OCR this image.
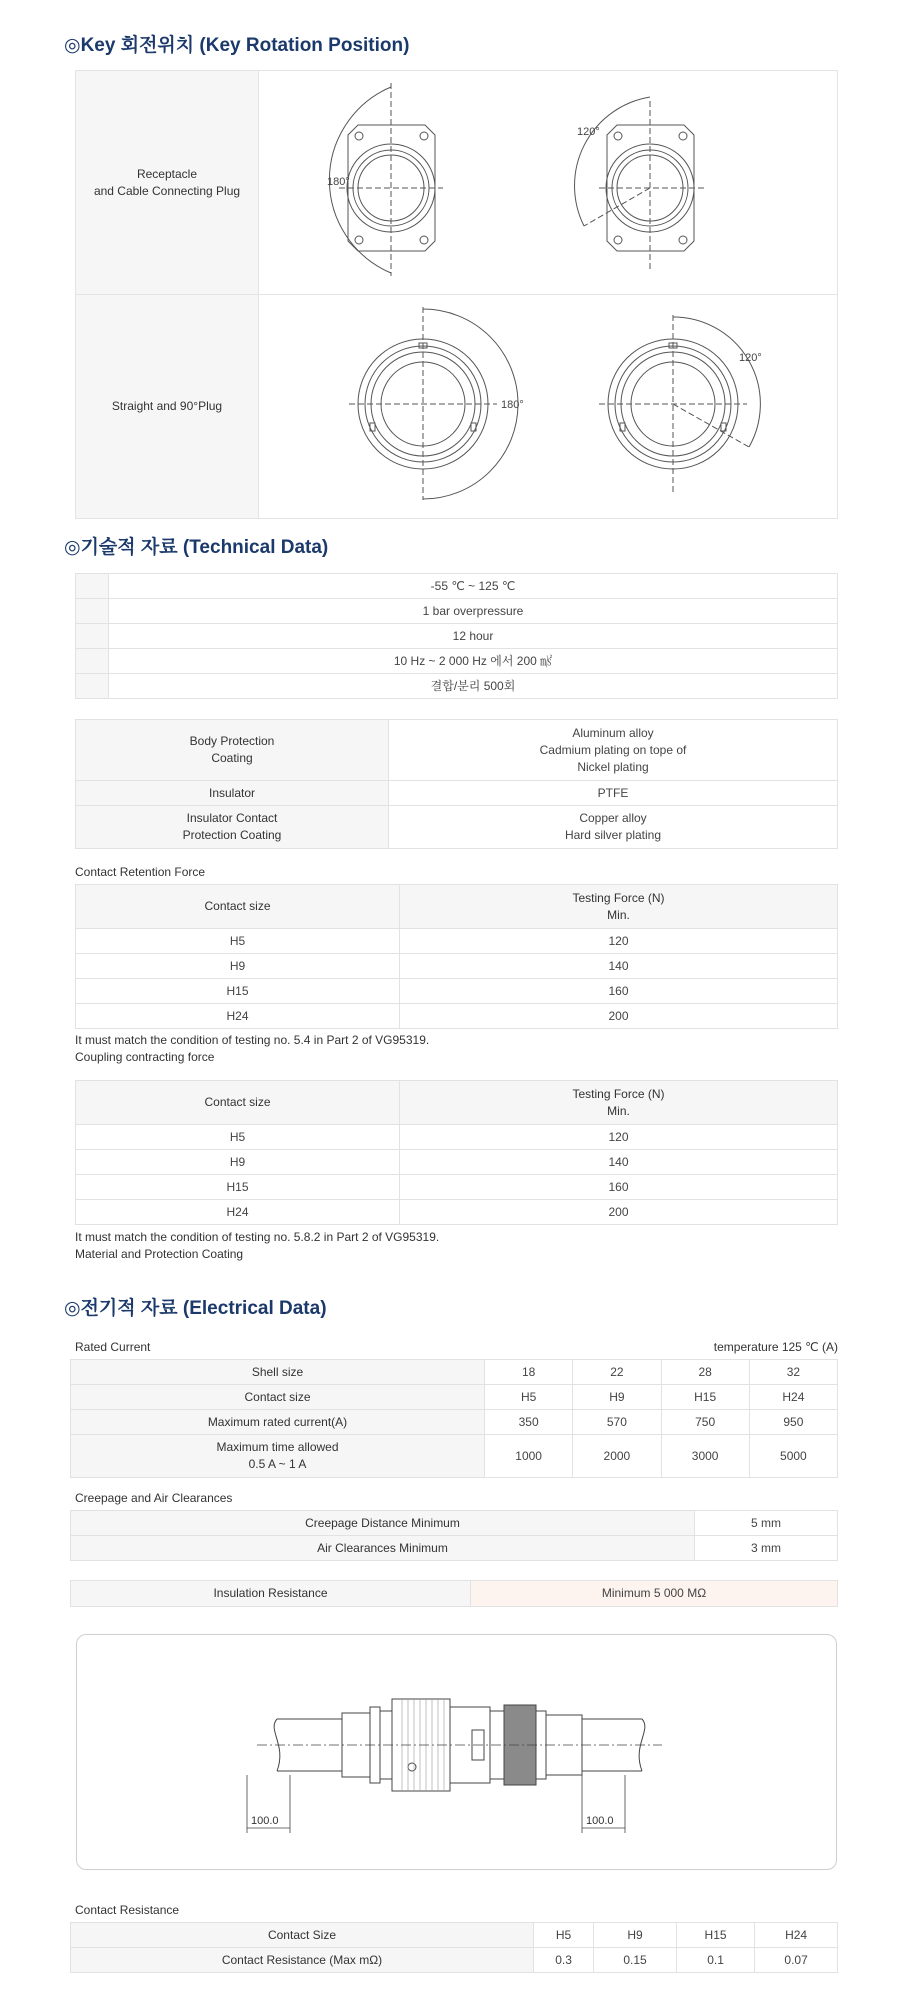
◎Key 회전위치 (Key Rotation Position)
Receptacle
and Cable Connecting Plug	180°
120°

Straight and 90°Plug	180°
120°
◎기술적 자료 (Technical Data)
	-55 ℃ ~ 125 ℃
	1 bar overpressure
	12 hour
	10 Hz ~ 2 000 Hz 에서 200 ㎨
	결합/분리 500회
Body Protection
Coating	Aluminum alloy
Cadmium plating on tope of
Nickel plating
Insulator	PTFE
Insulator Contact
Protection Coating	Copper alloy
Hard silver plating
Contact Retention Force
Contact size	Testing Force (N)
Min.
H5	120
H9	140
H15	160
H24	200
It must match the condition of testing no. 5.4 in Part 2 of VG95319.
Coupling contracting force
Contact size	Testing Force (N)
Min.
H5	120
H9	140
H15	160
H24	200
It must match the condition of testing no. 5.8.2 in Part 2 of VG95319.
Material and Protection Coating
◎전기적 자료 (Electrical Data)
Rated Current	temperature 125 ℃ (A)
Shell size	18	22	28	32
Contact size	H5	H9	H15	H24
Maximum rated current(A)	350	570	750	950
Maximum time allowed
0.5 A ~ 1 A	1000	2000	3000	5000
Creepage and Air Clearances
Creepage Distance Minimum	5 mm
Air Clearances Minimum	3 mm
Insulation Resistance	Minimum 5 000 MΩ
100.0	100.0
Contact Resistance
Contact Size	H5	H9	H15	H24
Contact Resistance (Max mΩ)	0.3	0.15	0.1	0.07
